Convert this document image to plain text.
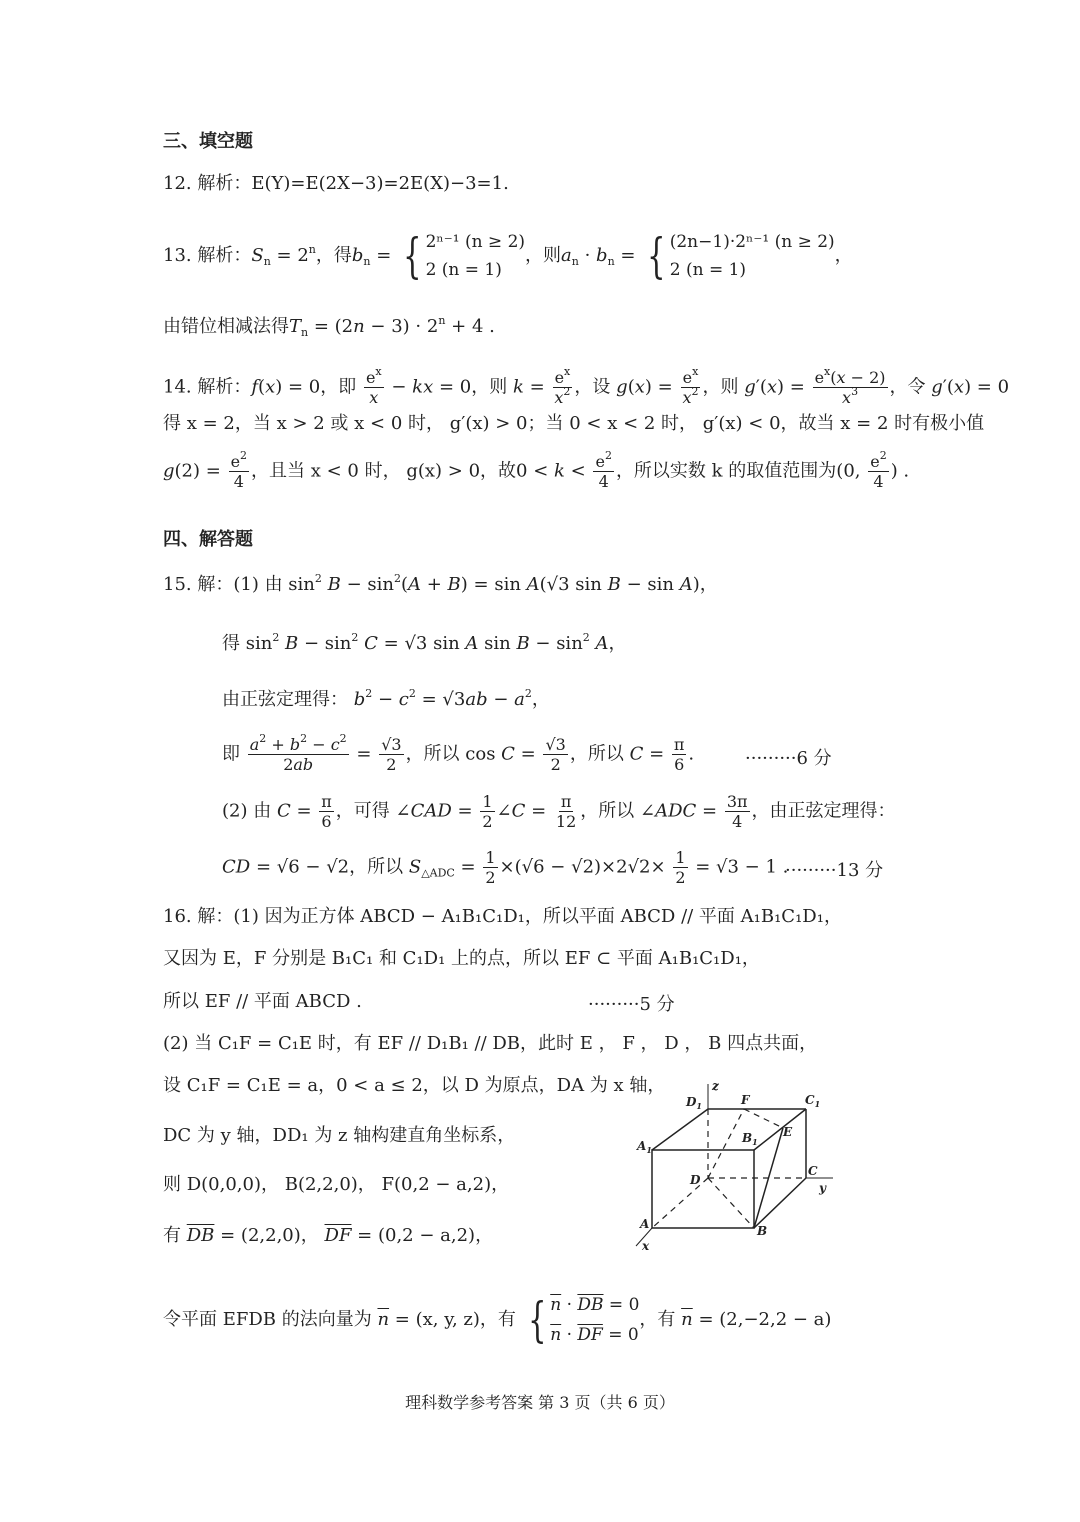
三、填空题
12. 解析：E(Y)=E(2X−3)=2E(X)−3=1.
13. 解析：$S_n = 2^n$，得$b_n$ = { 2ⁿ⁻¹ (n ≥ 2)
2 (n = 1)
，则$a_n \cdot b_n$ = { (2n−1)·2ⁿ⁻¹ (n ≥ 2)
2 (n = 1)
，
由错位相减法得$T_n = (2n - 3) \cdot 2^n + 4$ .
14. 解析：f(x) = 0，即 $\frac{e^x}{x}$ − kx = 0，则 $k = \frac{e^x}{x^2}$ ，设 $g(x) = \frac{e^x}{x^2}$ ，则 $g'(x) = \frac{e^x(x - 2)}{x^3}$ ，令 g′(x) = 0
得 x = 2，当 x > 2 或 x < 0 时， g′(x) > 0；当 0 < x < 2 时， g′(x) < 0，故当 x = 2 时有极小值
$g(2) = \frac{e^2}{4}$ ，且当 x < 0 时， g(x) > 0，故$0 < k < \frac{e^2}{4}$ ，所以实数 k 的取值范围为(0, $\frac{e^2}{4}$ ) .
四、解答题
15. 解：(1) 由 $\sin^2 B - \sin^2(A + B) = \sin A(√3$ sin B − sin A)，
得 $\sin^2 B - \sin^2 C = √3$ sin A $\sin B - \sin^2 A$，
由正弦定理得： $b^2 - c^2 = √3ab - a^2$，
即 $\frac{a^2 + b^2 - c^2}{2ab} = \frac{√3}{2}$ ，所以 $\cos C = \frac{√3}{2}$ ，所以 $C = \frac{\pi}{6}$ .	·········6 分
(2) 由 $C = \frac{\pi}{6}$ ，可得 ∠CAD = $\frac{1}{2}$ ∠C = $\frac{\pi}{12}$ ，所以 ∠ADC = $\frac{3\pi}{4}$ ，由正弦定理得：
CD = √6 − √2，所以 $S_{\triangle ADC} = \frac{1}{2} \times(√6 - √2)\times 2√2\times \frac{1}{2} = √3 - 1$ .
·········13 分
16. 解：(1) 因为正方体 ABCD − A₁B₁C₁D₁，所以平面 ABCD // 平面 A₁B₁C₁D₁，
又因为 E，F 分别是 B₁C₁ 和 C₁D₁ 上的点，所以 EF ⊂ 平面 A₁B₁C₁D₁，
所以 EF // 平面 ABCD .	·········5 分
(2) 当 C₁F = C₁E 时，有 EF // D₁B₁ // DB，此时 E ， F ， D ， B 四点共面，
设 C₁F = C₁E = a，0 < a ≤ 2，以 D 为原点，DA 为 x 轴，
DC 为 y 轴，DD₁ 为 z 轴构建直角坐标系，
则 D(0,0,0)， B(2,2,0)， F(0,2 − a,2)，
有 $\overline{DB} = (2,2,0)$， $\overline{DF} = (0,2 - a,2)$，
令平面 EFDB 的法向量为 $\overline{n} = (x$, y, z)，有 { $\overline{n} \cdot \overline{DB} = 0$
$\overline{n} \cdot \overline{DF} = 0$
，有 $\overline{n} = (2,-2,2 - a)$
$D_1$
z
F	$C_1$
$B_1$
E
$A_1$
C
y
D
A	B
x
理科数学参考答案 第 3 页（共 6 页）
